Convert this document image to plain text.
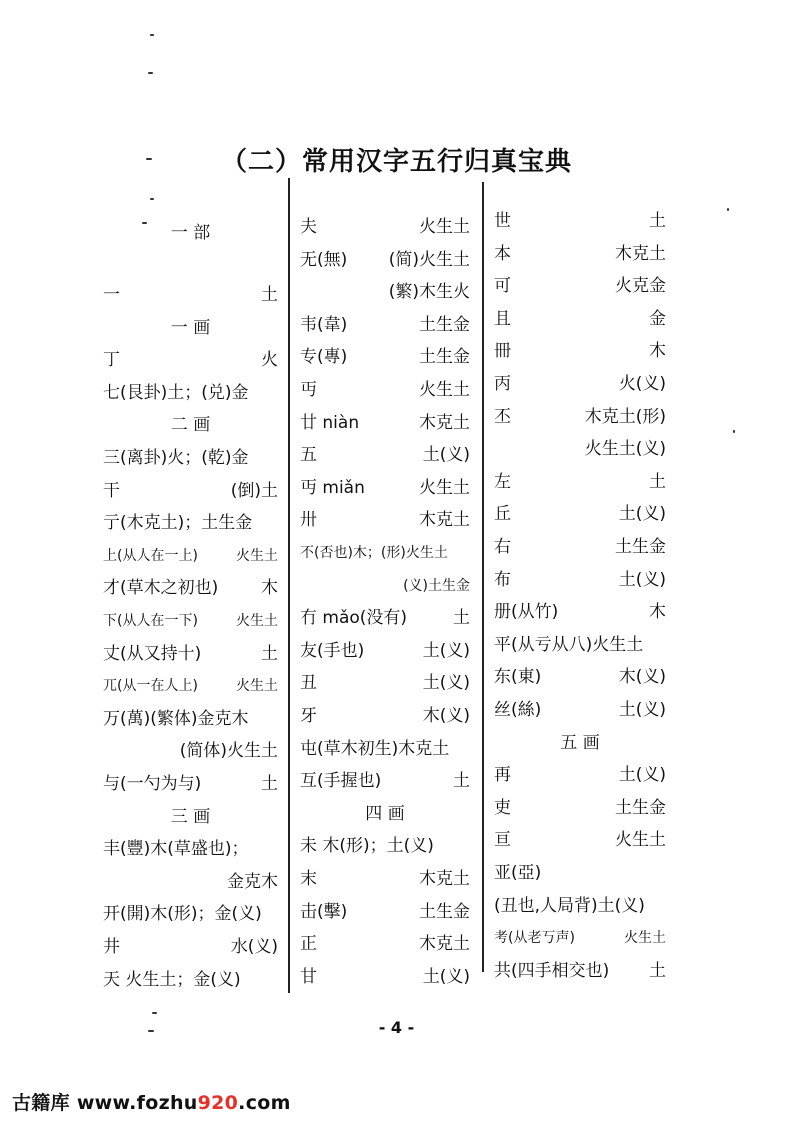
（二）常用汉字五行归真宝典
一 部
一	土
一 画
丁	火
七(艮卦)土；(兑)金
二 画
三(离卦)火；(乾)金
干	(倒)土
亍(木克土)；土生金
上(从人在一上)	火生土
才(草木之初也)	木
下(从人在一下)	火生土
丈(从又持十)	土
兀(从一在人上)	火生土
万(萬)(繁体)金克木
(简体)火生土
与(一勺为与)	土
三 画
丰(豐)木(草盛也)；
金克木
开(開)木(形)；金(义)
井	水(义)
天 火生土；金(义)
夫	火生土
无(無) (简)火生土
(繁)木生火
韦(韋)	土生金
专(專)	土生金
丏	火生土
廿 niàn	木克土
五	土(义)
丏 miǎn	火生土
卅	木克土
不(否也)木；(形)火生土
(义)土生金
冇 mǎo(没有)	土
友(手也)	土(义)
丑	土(义)
牙	木(义)
屯(草木初生)木克土
互(手握也)	土
四 画
未 木(形)；土(义)
末	木克土
击(擊)	土生金
正	木克土
甘	土(义)
世	土
本	木克土
可	火克金
且	金
冊	木
丙	火(义)
丕	木克土(形)
火生土(义)
左	土
丘	土(义)
右	土生金
布	土(义)
册(从竹)	木
平(从亏从八)火生土
东(東)	木(义)
丝(絲)	土(义)
五 画
再	土(义)
吏	土生金
亘	火生土
亚(亞)
(丑也,人局背)土(义)
考(从老丂声)	火生土
共(四手相交也) 土
- 4 -
古籍库 www.fozhu920.com
